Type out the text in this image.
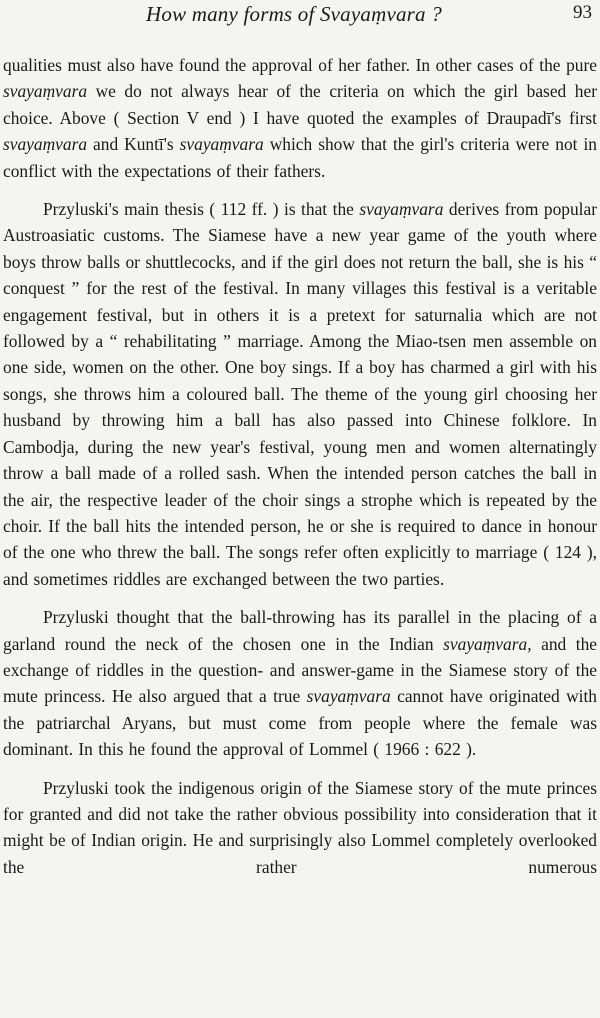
How many forms of Svayaṃvara ?	93

qualities must also have found the approval of her father. In other cases of the pure svayaṃvara we do not always hear of the criteria on which the girl based her choice. Above ( Section V end ) I have quoted the examples of Draupadī's first svayaṃvara and Kuntī's svayaṃvara which show that the girl's criteria were not in conflict with the expectations of their fathers.

Przyluski's main thesis ( 112 ff. ) is that the svayaṃvara derives from popular Austroasiatic customs. The Siamese have a new year game of the youth where boys throw balls or shuttlecocks, and if the girl does not return the ball, she is his “ conquest ” for the rest of the festival. In many villages this festival is a veritable engagement festival, but in others it is a pretext for saturnalia which are not followed by a “ rehabilitating ” marriage. Among the Miao-tsen men assemble on one side, women on the other. One boy sings. If a boy has charmed a girl with his songs, she throws him a coloured ball. The theme of the young girl choosing her husband by throwing him a ball has also passed into Chinese folklore. In Cambodja, during the new year's festival, young men and women alternatingly throw a ball made of a rolled sash. When the intended person catches the ball in the air, the respective leader of the choir sings a strophe which is repeated by the choir. If the ball hits the intended person, he or she is required to dance in honour of the one who threw the ball. The songs refer often explicitly to marriage ( 124 ), and sometimes riddles are exchanged between the two parties.

Przyluski thought that the ball-throwing has its parallel in the placing of a garland round the neck of the chosen one in the Indian svayaṃvara, and the exchange of riddles in the question- and answer-game in the Siamese story of the mute princess. He also argued that a true svayaṃvara cannot have originated with the patriarchal Aryans, but must come from people where the female was dominant. In this he found the approval of Lommel ( 1966 : 622 ).

Przyluski took the indigenous origin of the Siamese story of the mute princes for granted and did not take the rather obvious possibility into consideration that it might be of Indian origin. He and surprisingly also Lommel completely overlooked the rather numerous
